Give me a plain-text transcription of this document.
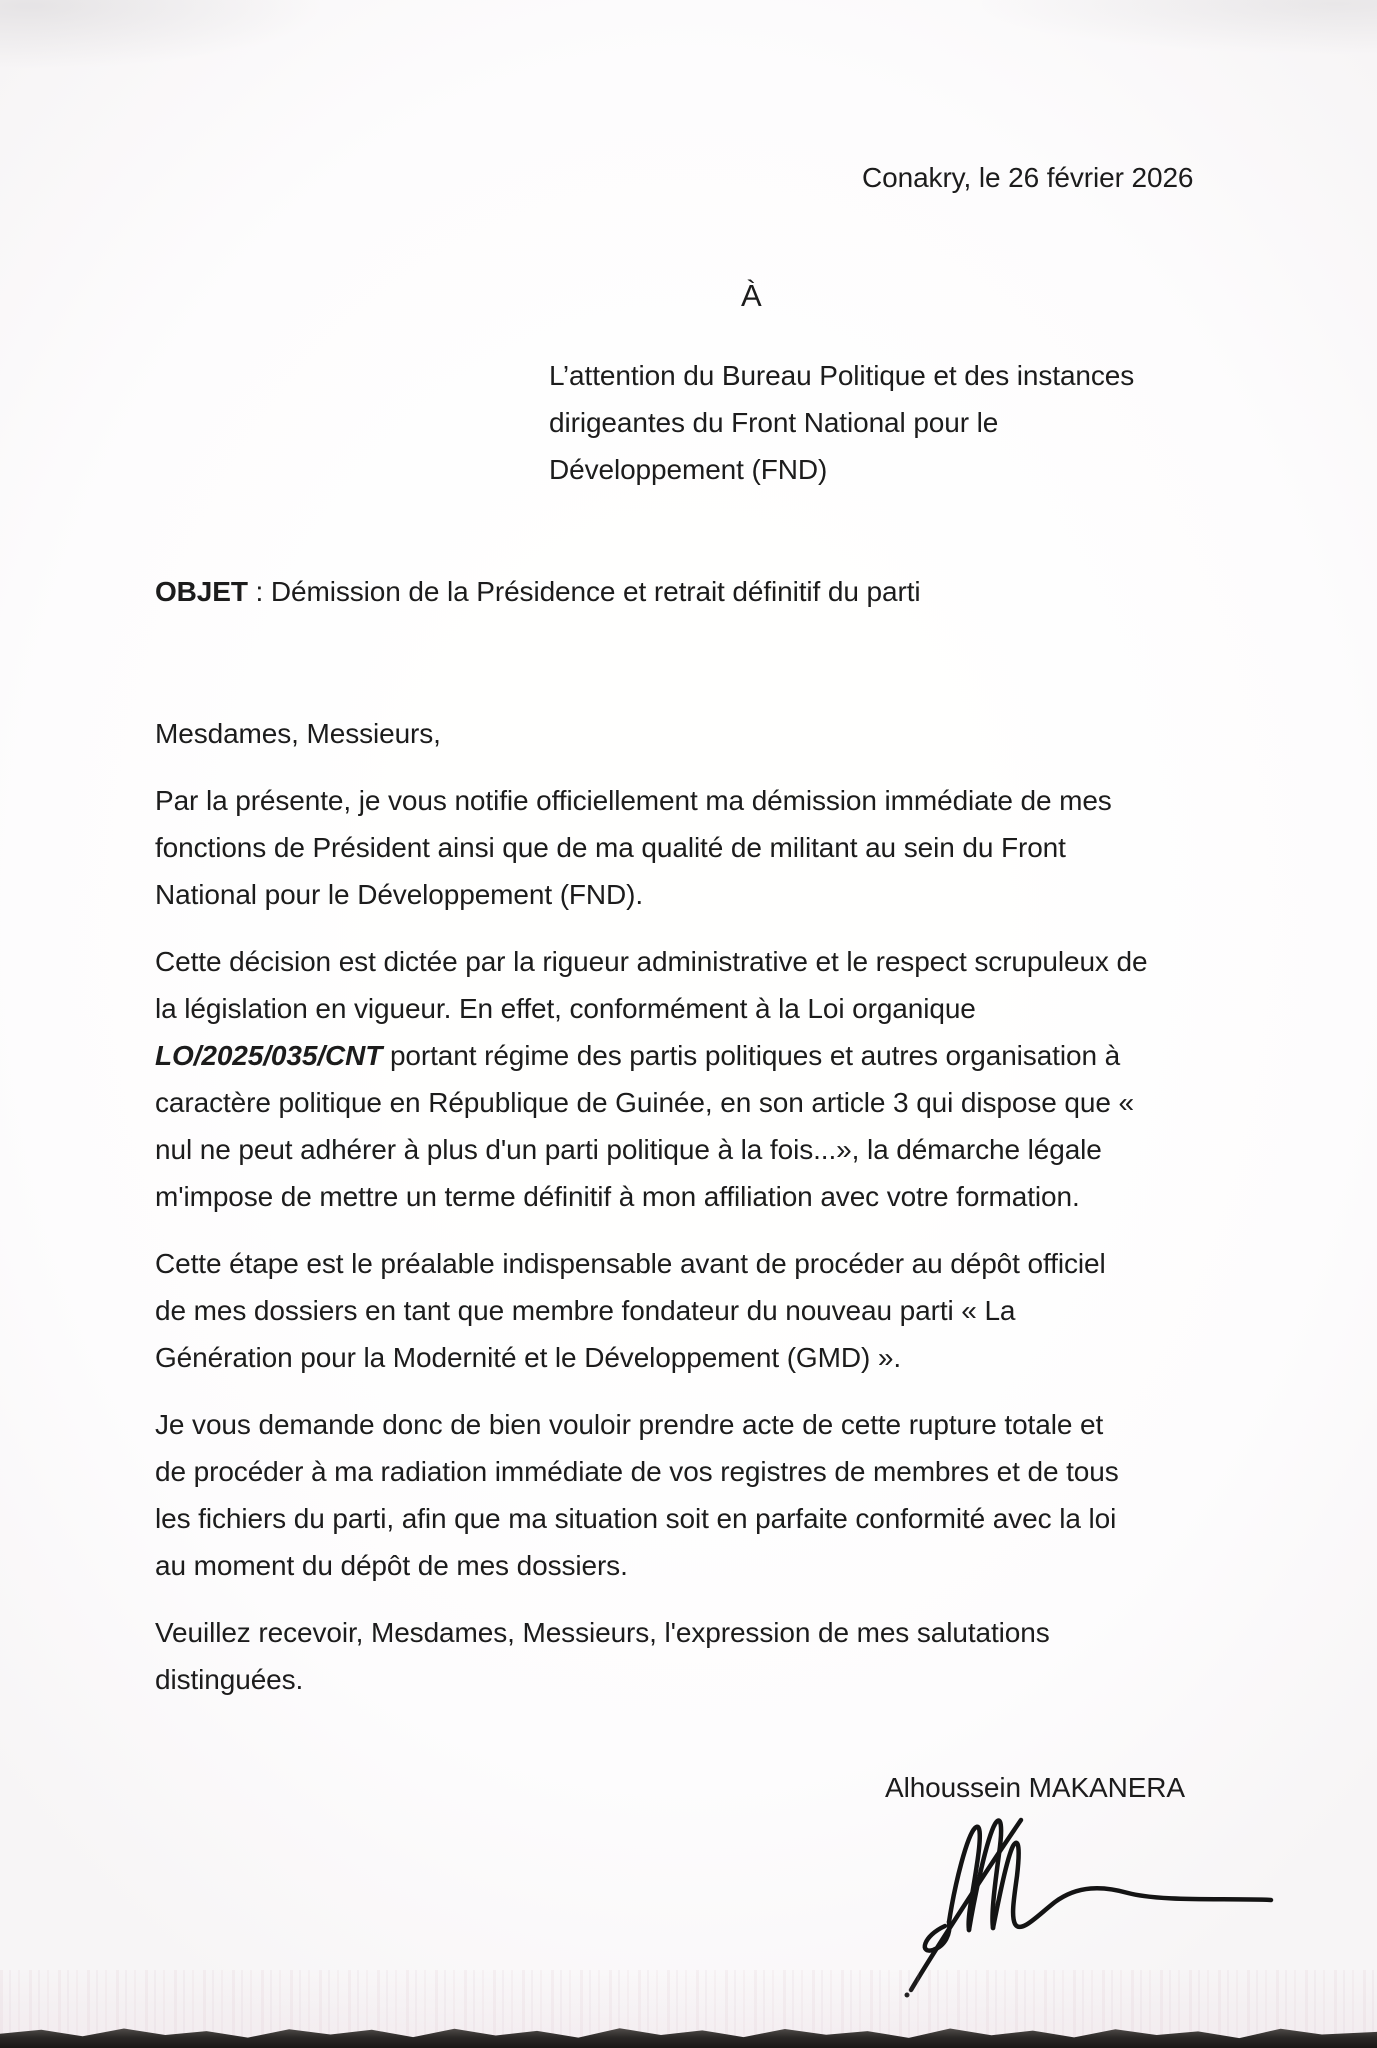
Conakry, le 26 février 2026
À
L’attention du Bureau Politique et des instances
dirigeantes du Front National pour le
Développement (FND)

OBJET : Démission de la Présidence et retrait définitif du parti

Mesdames, Messieurs,

Par la présente, je vous notifie officiellement ma démission immédiate de mes
fonctions de Président ainsi que de ma qualité de militant au sein du Front
National pour le Développement (FND).

Cette décision est dictée par la rigueur administrative et le respect scrupuleux de
la législation en vigueur. En effet, conformément à la Loi organique
LO/2025/035/CNT portant régime des partis politiques et autres organisation à
caractère politique en République de Guinée, en son article 3 qui dispose que «
nul ne peut adhérer à plus d'un parti politique à la fois...», la démarche légale
m'impose de mettre un terme définitif à mon affiliation avec votre formation.

Cette étape est le préalable indispensable avant de procéder au dépôt officiel
de mes dossiers en tant que membre fondateur du nouveau parti « La
Génération pour la Modernité et le Développement (GMD) ».

Je vous demande donc de bien vouloir prendre acte de cette rupture totale et
de procéder à ma radiation immédiate de vos registres de membres et de tous
les fichiers du parti, afin que ma situation soit en parfaite conformité avec la loi
au moment du dépôt de mes dossiers.

Veuillez recevoir, Mesdames, Messieurs, l'expression de mes salutations
distinguées.

Alhoussein MAKANERA
